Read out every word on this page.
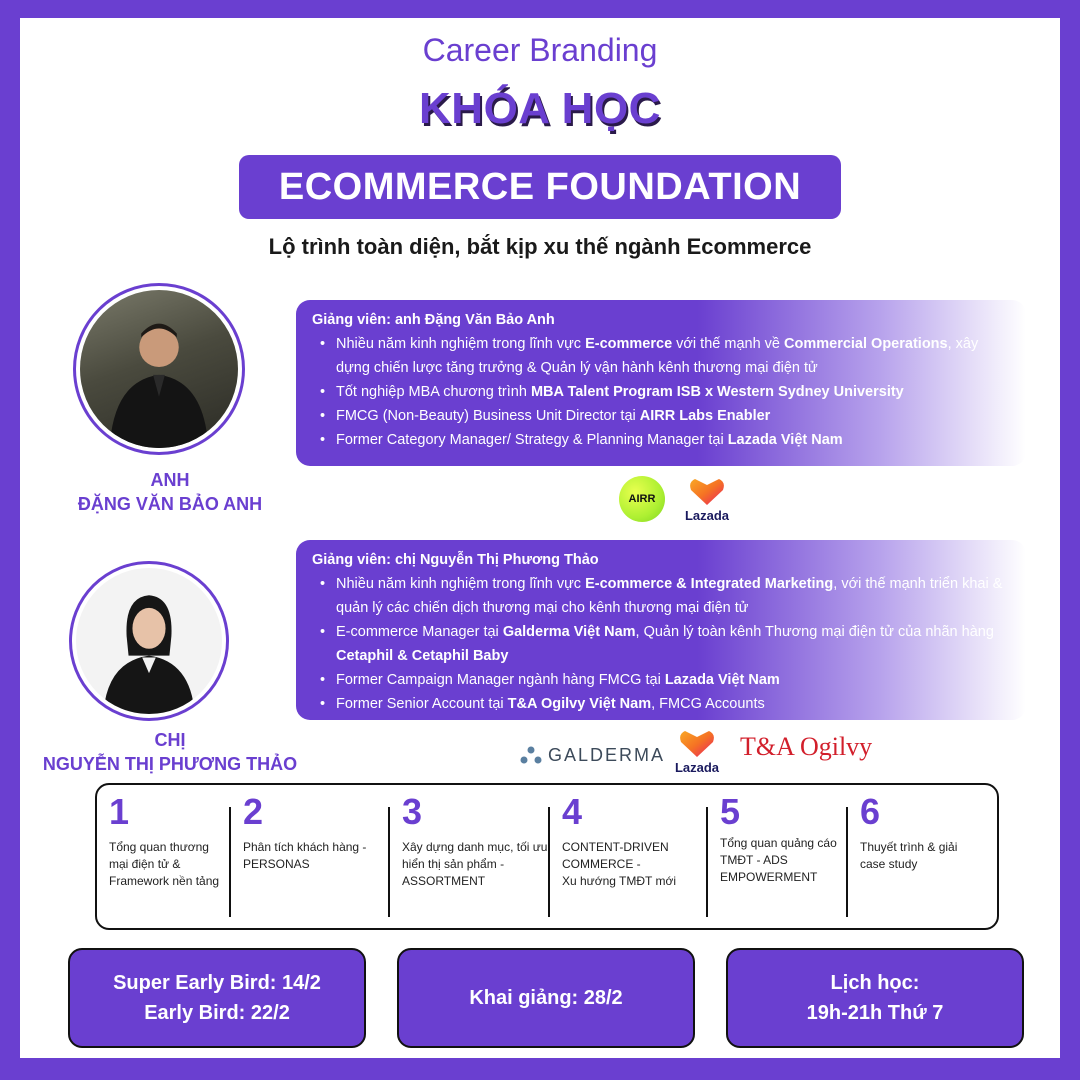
Career Branding
KHÓA HỌC
ECOMMERCE FOUNDATION
Lộ trình toàn diện, bắt kịp xu thế ngành Ecommerce
ANH
ĐẶNG VĂN BẢO ANH
Giảng viên: anh Đặng Văn Bảo Anh
• Nhiều năm kinh nghiệm trong lĩnh vực E-commerce với thế mạnh về Commercial Operations, xây dựng chiến lược tăng trưởng & Quản lý vận hành kênh thương mại điện tử
• Tốt nghiệp MBA chương trình MBA Talent Program ISB x Western Sydney University
• FMCG (Non-Beauty) Business Unit Director tại AIRR Labs Enabler
• Former Category Manager/ Strategy & Planning Manager tại Lazada Việt Nam
AIRR
Lazada
CHỊ
NGUYỄN THỊ PHƯƠNG THẢO
Giảng viên: chị Nguyễn Thị Phương Thảo
• Nhiều năm kinh nghiệm trong lĩnh vực E-commerce & Integrated Marketing, với thế mạnh triển khai & quản lý các chiến dịch thương mại cho kênh thương mại điện tử
• E-commerce Manager tại Galderma Việt Nam, Quản lý toàn kênh Thương mại điện tử của nhãn hàng Cetaphil & Cetaphil Baby
• Former Campaign Manager ngành hàng FMCG tại Lazada Việt Nam
• Former Senior Account tại T&A Ogilvy Việt Nam, FMCG Accounts
GALDERMA
Lazada
T&A Ogilvy
1
Tổng quan thương mại điện tử & Framework nền tảng
2
Phân tích khách hàng - PERSONAS
3
Xây dựng danh mục, tối ưu hiển thị sản phẩm - ASSORTMENT
4
CONTENT-DRIVEN COMMERCE -
Xu hướng TMĐT mới
5
Tổng quan quảng cáo TMĐT - ADS EMPOWERMENT
6
Thuyết trình & giải case study
Super Early Bird: 14/2
Early Bird: 22/2
Khai giảng: 28/2
Lịch học:
19h-21h Thứ 7
